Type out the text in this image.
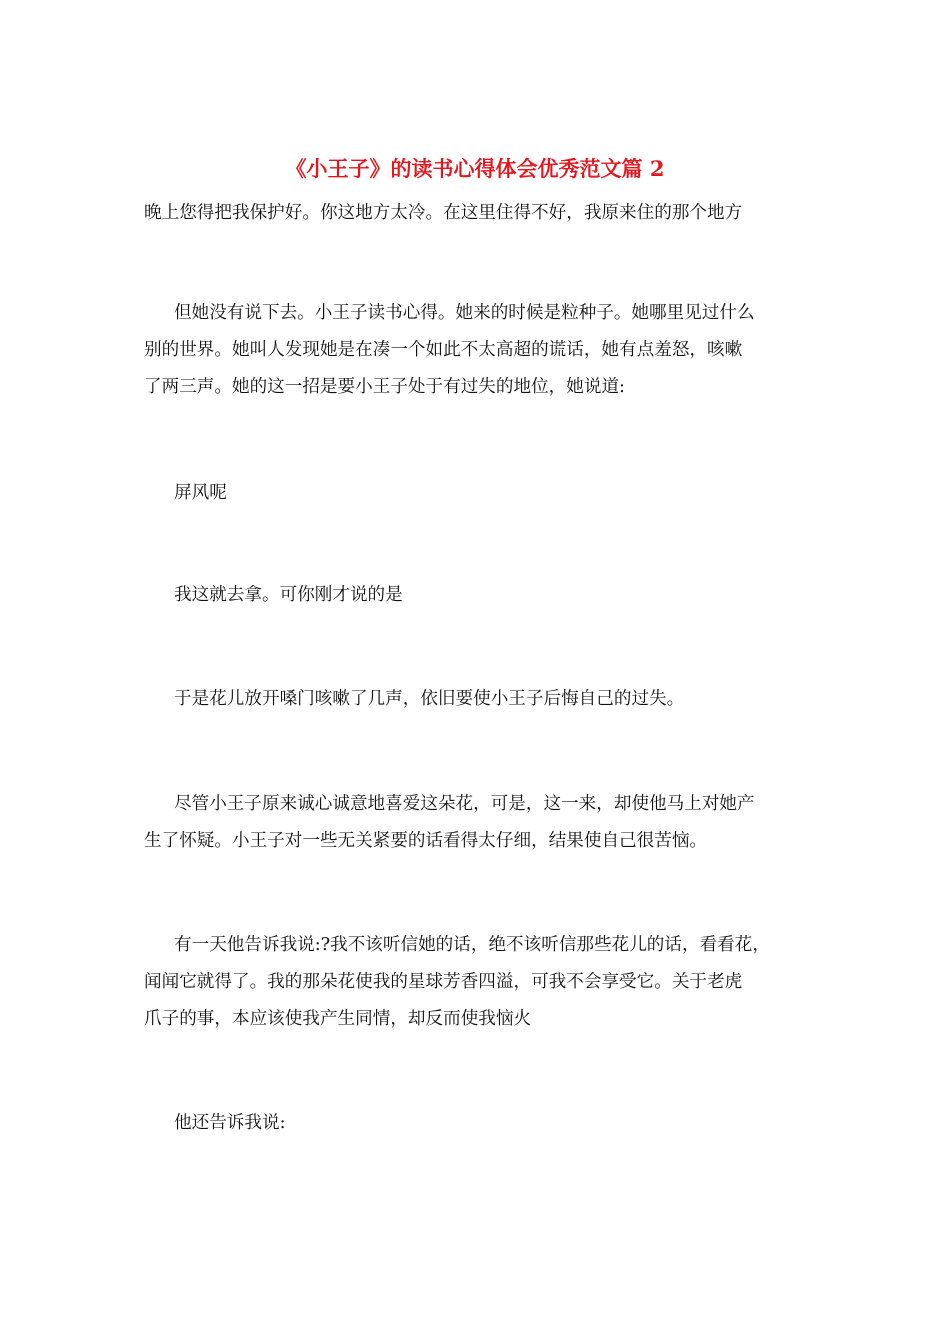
《小王子》的读书心得体会优秀范文篇 2
晚上您得把我保护好。你这地方太冷。在这里住得不好，我原来住的那个地方
但她没有说下去。小王子读书心得。她来的时候是粒种子。她哪里见过什么
别的世界。她叫人发现她是在凑一个如此不太高超的谎话，她有点羞怒，咳嗽
了两三声。她的这一招是要小王子处于有过失的地位，她说道:
屏风呢
我这就去拿。可你刚才说的是
于是花儿放开嗓门咳嗽了几声，依旧要使小王子后悔自己的过失。
尽管小王子原来诚心诚意地喜爱这朵花，可是，这一来，却使他马上对她产
生了怀疑。小王子对一些无关紧要的话看得太仔细，结果使自己很苦恼。
有一天他告诉我说:?我不该听信她的话，绝不该听信那些花儿的话，看看花，
闻闻它就得了。我的那朵花使我的星球芳香四溢，可我不会享受它。关于老虎
爪子的事，本应该使我产生同情，却反而使我恼火
他还告诉我说:
